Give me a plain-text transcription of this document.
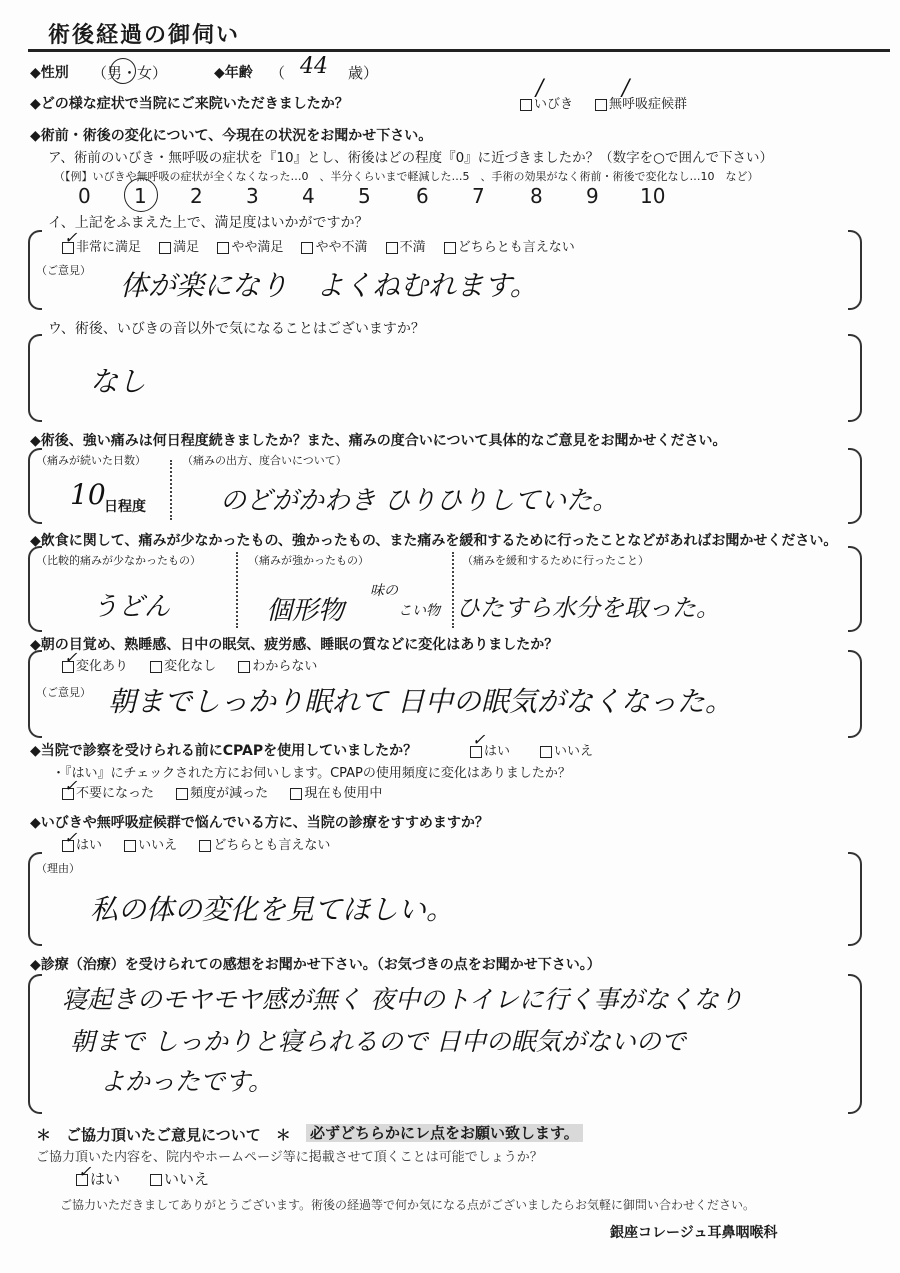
術後経過の御伺い
◆性別 （男・女）	◆年齢 （ 44 歳）
◆どの様な症状で当院にご来院いただきましたか？	いびき	無呼吸症候群
/	/
◆術前・術後の変化について、今現在の状況をお聞かせ下さい。
ア、術前のいびき・無呼吸の症状を『10』とし、術後はどの程度『0』に近づきましたか？（数字を○で囲んで下さい）
（【例】いびきや無呼吸の症状が全くなくなった…0　、半分くらいまで軽減した…5　、手術の効果がなく術前・術後で変化なし…10　など）
0 1 2 3 4 5 6 7 8 9 10
イ、上記をふまえた上で、満足度はいかがですか？
非常に満足 満足 やや満足 やや不満 不満 どちらとも言えない
（ご意見） 体が楽になり　よくねむれます。
ウ、術後、いびきの音以外で気になることはございますか？
なし
◆術後、強い痛みは何日程度続きましたか？また、痛みの度合いについて具体的なご意見をお聞かせください。
（痛みが続いた日数）
10
日程度
（痛みの出方、度合いについて）
のどがかわき ひりひりしていた。
◆飲食に関して、痛みが少なかったもの、強かったもの、また痛みを緩和するために行ったことなどがあればお聞かせください。
（比較的痛みが少なかったもの）
うどん
（痛みが強かったもの）
個形物
味の
こい物
（痛みを緩和するために行ったこと）
ひたすら水分を取った。
◆朝の目覚め、熟睡感、日中の眠気、疲労感、睡眠の質などに変化はありましたか？
変化あり	変化なし	わからない
（ご意見） 朝までしっかり眠れて 日中の眠気がなくなった。
◆当院で診察を受けられる前にCPAPを使用していましたか？	はい	いいえ
・『はい』にチェックされた方にお伺いします。CPAPの使用頻度に変化はありましたか？
不要になった	頻度が減った	現在も使用中
◆いびきや無呼吸症候群で悩んでいる方に、当院の診療をすすめますか？
はい	いいえ	どちらとも言えない
（理由）
私の体の変化を見てほしい。
◆診療（治療）を受けられての感想をお聞かせ下さい。（お気づきの点をお聞かせ下さい。）
寝起きのモヤモヤ感が無く 夜中のトイレに行く事がなくなり
朝まで しっかりと寝られるので 日中の眠気がないので
よかったです。
＊　ご協力頂いたご意見について　＊ 必ずどちらかにレ点をお願い致します。
ご協力頂いた内容を、院内やホームページ等に掲載させて頂くことは可能でしょうか？
はい	いいえ
ご協力いただきましてありがとうございます。術後の経過等で何か気になる点がございましたらお気軽に御問い合わせください。
銀座コレージュ耳鼻咽喉科
✓
✓
✓
✓
✓
✓
